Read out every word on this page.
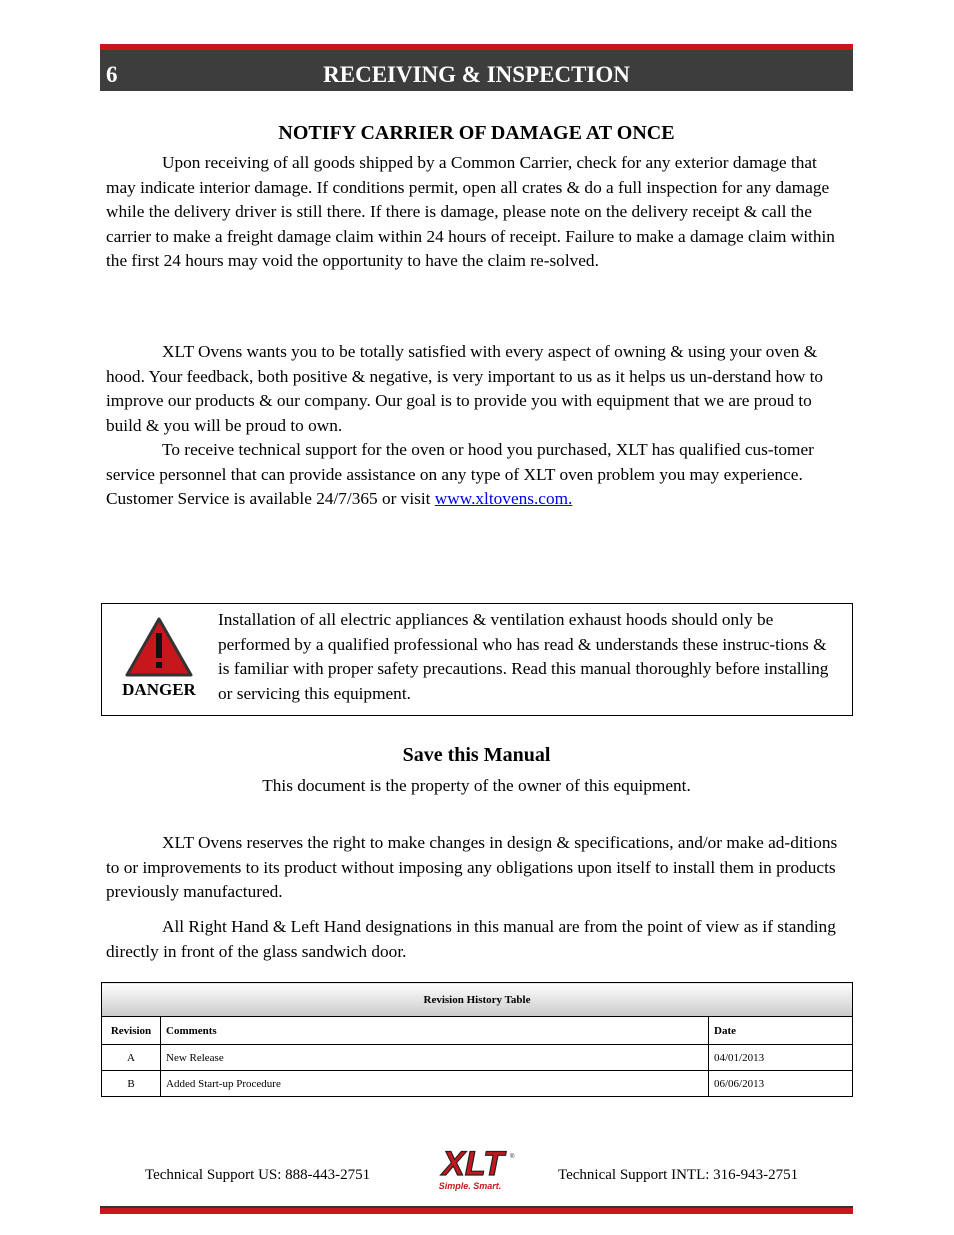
6	RECEIVING & INSPECTION
NOTIFY CARRIER OF DAMAGE AT ONCE

Upon receiving of all goods shipped by a Common Carrier, check for any exterior damage that may indicate interior damage. If conditions permit, open all crates & do a full inspection for any damage while the delivery driver is still there. If there is damage, please note on the delivery receipt & call the carrier to make a freight damage claim within 24 hours of receipt. Failure to make a damage claim within the first 24 hours may void the opportunity to have the claim re-solved.

XLT Ovens wants you to be totally satisfied with every aspect of owning & using your oven & hood. Your feedback, both positive & negative, is very important to us as it helps us un-derstand how to improve our products & our company. Our goal is to provide you with equipment that we are proud to build & you will be proud to own.

To receive technical support for the oven or hood you purchased, XLT has qualified cus-tomer service personnel that can provide assistance on any type of XLT oven problem you may experience. Customer Service is available 24/7/365 or visit www.xltovens.com.

DANGER

Installation of all electric appliances & ventilation exhaust hoods should only be performed by a qualified professional who has read & understands these instruc-tions & is familiar with proper safety precautions. Read this manual thoroughly before installing or servicing this equipment.

Save this Manual
This document is the property of the owner of this equipment.

XLT Ovens reserves the right to make changes in design & specifications, and/or make ad-ditions to or improvements to its product without imposing any obligations upon itself to install them in products previously manufactured.

All Right Hand & Left Hand designations in this manual are from the point of view as if standing directly in front of the glass sandwich door.

Revision History Table		
Revision	Comments	Date
A	New Release	04/01/2013
B	Added Start-up Procedure	06/06/2013
Technical Support US: 888-443-2751 XLT	®
Simple. Smart.
Technical Support INTL: 316-943-2751
